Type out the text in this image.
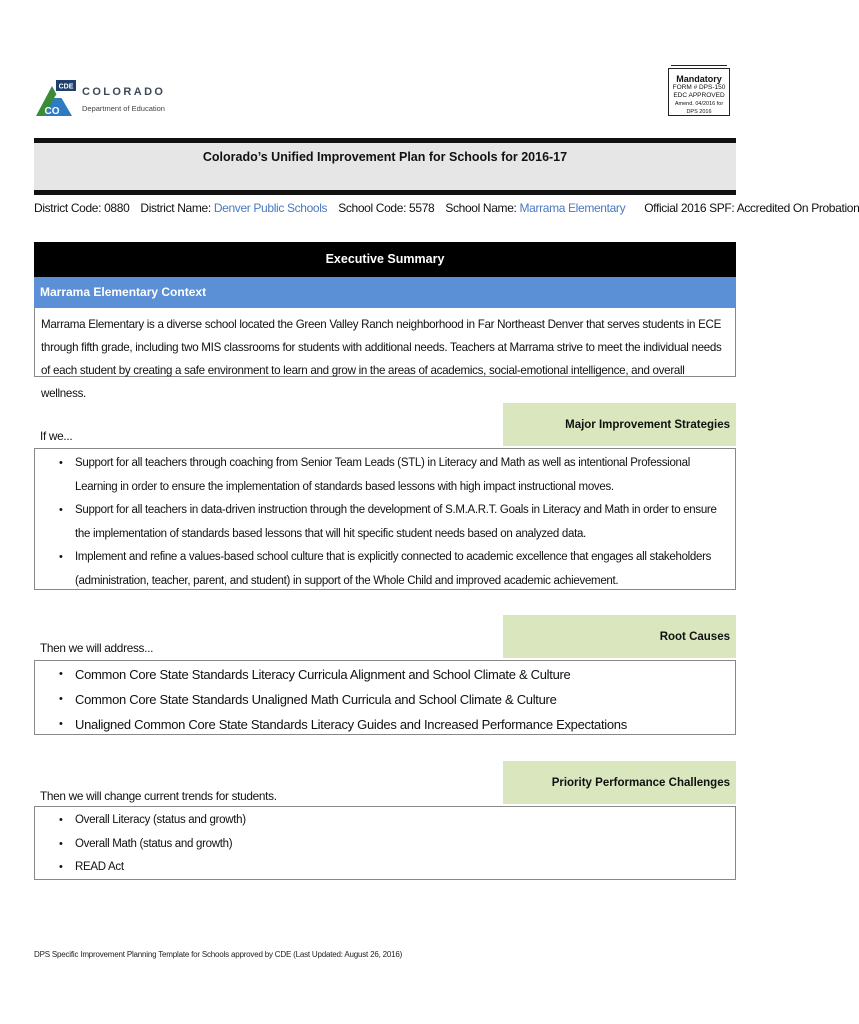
CDE
CO
COLORADO
Department of Education
Mandatory
FORM # DPS-150
EDC APPROVED
Amend. 04/2016 for DPS 2016
Colorado’s Unified Improvement Plan for Schools for 2016-17
District Code: 0880 District Name: Denver Public Schools School Code: 5578 School Name: Marrama Elementary Official 2016 SPF: Accredited On Probation
Executive Summary
Marrama Elementary Context
Marrama Elementary is a diverse school located the Green Valley Ranch neighborhood in Far Northeast Denver that serves students in ECE through fifth grade, including two MIS classrooms for students with additional needs. Teachers at Marrama strive to meet the individual needs of each student by creating a safe environment to learn and grow in the areas of academics, social-emotional intelligence, and overall wellness.
Major Improvement Strategies
If we...
• Support for all teachers through coaching from Senior Team Leads (STL) in Literacy and Math as well as intentional Professional Learning in order to ensure the implementation of standards based lessons with high impact instructional moves.
• Support for all teachers in data-driven instruction through the development of S.M.A.R.T. Goals in Literacy and Math in order to ensure the implementation of standards based lessons that will hit specific student needs based on analyzed data.
• Implement and refine a values-based school culture that is explicitly connected to academic excellence that engages all stakeholders (administration, teacher, parent, and student) in support of the Whole Child and improved academic achievement.
Root Causes
Then we will address...
• Common Core State Standards Literacy Curricula Alignment and School Climate & Culture
• Common Core State Standards Unaligned Math Curricula and School Climate & Culture
• Unaligned Common Core State Standards Literacy Guides and Increased Performance Expectations
Priority Performance Challenges
Then we will change current trends for students.
• Overall Literacy (status and growth)
• Overall Math (status and growth)
• READ Act
DPS Specific Improvement Planning Template for Schools approved by CDE (Last Updated: August 26, 2016)
